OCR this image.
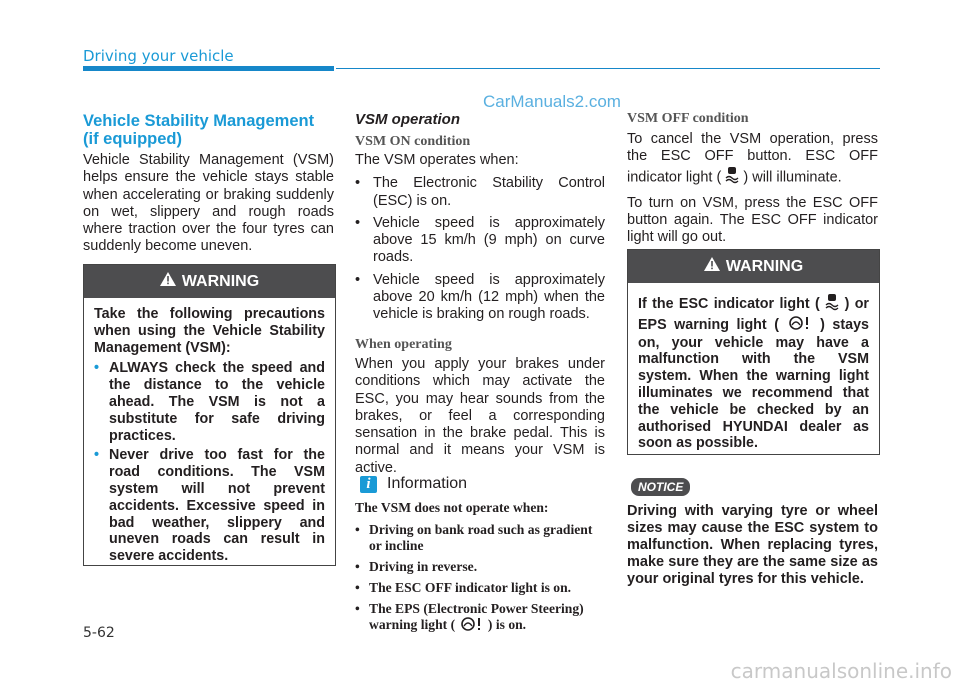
Driving your vehicle
CarManuals2.com
Vehicle Stability Management (if equipped)

Vehicle Stability Management (VSM) helps ensure the vehicle stays stable when accelerating or braking suddenly on wet, slippery and rough roads where traction over the four tyres can suddenly become uneven.

WARNING
Take the following precautions when using the Vehicle Stability Management (VSM):
• ALWAYS check the speed and the distance to the vehicle ahead. The VSM is not a substitute for safe driving practices.
• Never drive too fast for the road conditions. The VSM system will not prevent accidents. Excessive speed in bad weather, slippery and uneven roads can result in severe accidents.
VSM operation
VSM ON condition

The VSM operates when:

• The Electronic Stability Control (ESC) is on.
• Vehicle speed is approximately above 15 km/h (9 mph) on curve roads.
• Vehicle speed is approximately above 20 km/h (12 mph) when the vehicle is braking on rough roads.
When operating

When you apply your brakes under conditions which may activate the ESC, you may hear sounds from the brakes, or feel a corresponding sensation in the brake pedal. This is normal and it means your VSM is active.

i	Information

The VSM does not operate when:

• Driving on bank road such as gradient or incline
• Driving in reverse.
• The ESC OFF indicator light is on.
• The EPS (Electronic Power Steering) warning light ( ) is on.
VSM OFF condition

To cancel the VSM operation, press the ESC OFF button. ESC OFF indicator light ( ) will illuminate.

To turn on VSM, press the ESC OFF button again. The ESC OFF indicator light will go out.

WARNING
If the ESC indicator light ( ) or EPS warning light (	) stays on, your vehicle may have a malfunction with the VSM system. When the warning light illuminates we recommend that the vehicle be checked by an authorised HYUNDAI dealer as soon as possible.
NOTICE
Driving with varying tyre or wheel sizes may cause the ESC system to malfunction. When replacing tyres, make sure they are the same size as your original tyres for this vehicle.
5-62
carmanualsonline.info
